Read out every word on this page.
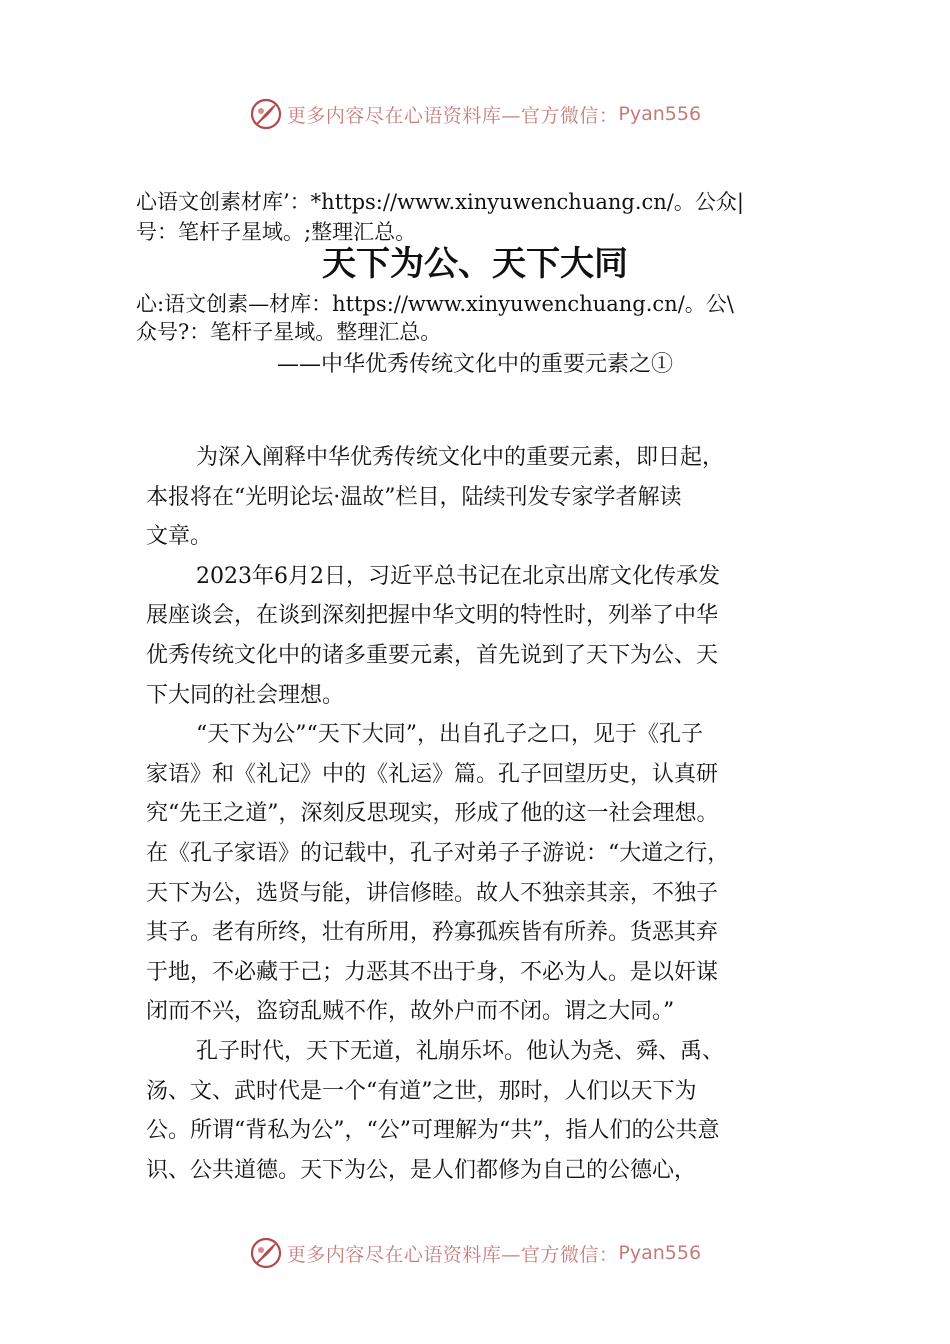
更多内容尽在心语资料库—官方微信： Pyan556
心语文创素材库’：*https://www.xinyuwenchuang.cn/。公众|
号：笔杆子星域。;整理汇总。
天下为公、天下大同
心:语文创素—材库：https://www.xinyuwenchuang.cn/。公\
众号?：笔杆子星域。整理汇总。
——中华优秀传统文化中的重要元素之①

为深入阐释中华优秀传统文化中的重要元素，即日起，
本报将在“光明论坛·温故”栏目，陆续刊发专家学者解读
文章。

2023年6月2日，习近平总书记在北京出席文化传承发
展座谈会，在谈到深刻把握中华文明的特性时，列举了中华
优秀传统文化中的诸多重要元素，首先说到了天下为公、天
下大同的社会理想。

“天下为公”“天下大同”，出自孔子之口，见于《孔子
家语》和《礼记》中的《礼运》篇。孔子回望历史，认真研
究“先王之道”，深刻反思现实，形成了他的这一社会理想。
在《孔子家语》的记载中，孔子对弟子子游说：“大道之行，
天下为公，选贤与能，讲信修睦。故人不独亲其亲，不独子
其子。老有所终，壮有所用，矜寡孤疾皆有所养。货恶其弃
于地，不必藏于己；力恶其不出于身，不必为人。是以奸谋
闭而不兴，盗窃乱贼不作，故外户而不闭。谓之大同。”

孔子时代，天下无道，礼崩乐坏。他认为尧、舜、禹、
汤、文、武时代是一个“有道”之世，那时，人们以天下为
公。所谓“背私为公”，“公”可理解为“共”，指人们的公共意
识、公共道德。天下为公，是人们都修为自己的公德心，

更多内容尽在心语资料库—官方微信： Pyan556
